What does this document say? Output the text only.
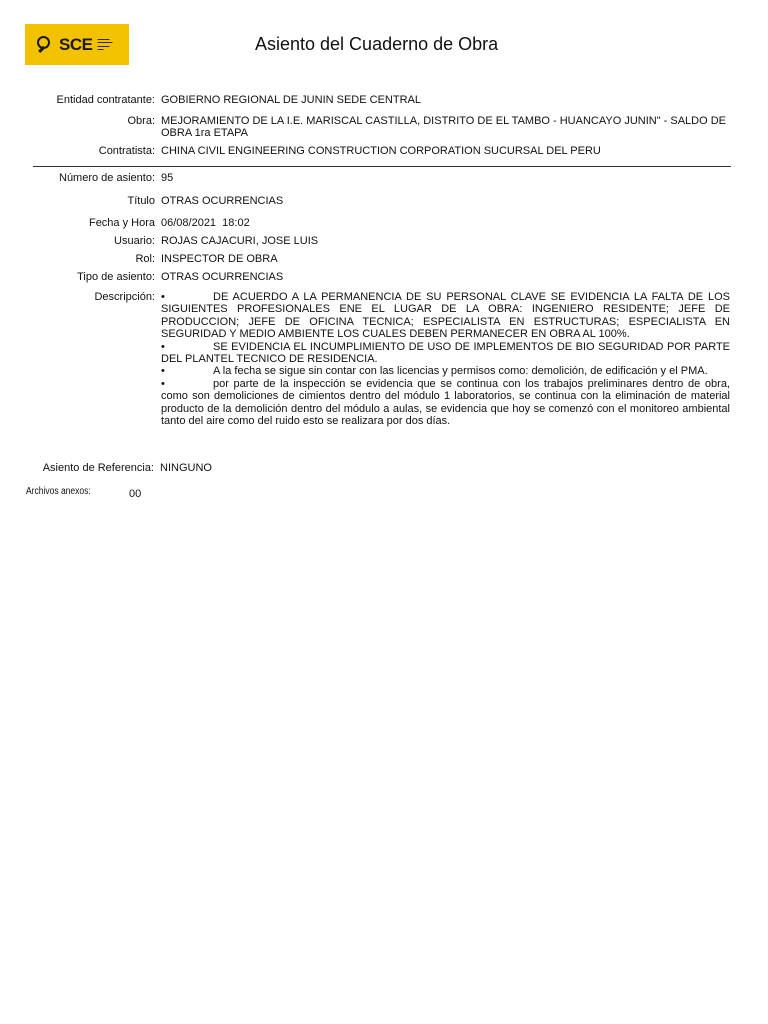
SCE ▬▬▬▬
▬▬▬▬▬
▬▬▬▬
▬▬	Asiento del Cuaderno de Obra
Entidad contratante: GOBIERNO REGIONAL DE JUNIN SEDE CENTRAL
Obra: MEJORAMIENTO DE LA I.E. MARISCAL CASTILLA, DISTRITO DE EL TAMBO - HUANCAYO JUNIN" - SALDO DE OBRA 1ra ETAPA
Contratista: CHINA CIVIL ENGINEERING CONSTRUCTION CORPORATION SUCURSAL DEL PERU
Número de asiento: 95
Título OTRAS OCURRENCIAS
Fecha y Hora 06/08/2021  18:02
Usuario: ROJAS CAJACURI, JOSE LUIS
Rol: INSPECTOR DE OBRA
Tipo de asiento: OTRAS OCURRENCIAS
Descripción: •	DE ACUERDO A LA PERMANENCIA DE SU PERSONAL CLAVE SE EVIDENCIA LA FALTA DE LOS SIGUIENTES PROFESIONALES ENE EL LUGAR DE LA OBRA: INGENIERO RESIDENTE; JEFE DE PRODUCCION; JEFE DE OFICINA TECNICA; ESPECIALISTA EN ESTRUCTURAS; ESPECIALISTA EN SEGURIDAD Y MEDIO AMBIENTE LOS CUALES DEBEN PERMANECER EN OBRA AL 100%.
•	SE EVIDENCIA EL INCUMPLIMIENTO DE USO DE IMPLEMENTOS DE BIO SEGURIDAD POR PARTE DEL PLANTEL TECNICO DE RESIDENCIA.
•	A la fecha se sigue sin contar con las licencias y permisos como: demolición, de edificación y el PMA.
•	por parte de la inspección se evidencia que se continua con los trabajos preliminares dentro de obra, como son demoliciones de cimientos dentro del módulo 1 laboratorios, se continua con la eliminación de material producto de la demolición dentro del módulo a aulas, se evidencia que hoy se comenzó con el monitoreo ambiental tanto del aire como del ruido esto se realizara por dos días.
Asiento de Referencia: NINGUNO
Archivos anexos:	00
